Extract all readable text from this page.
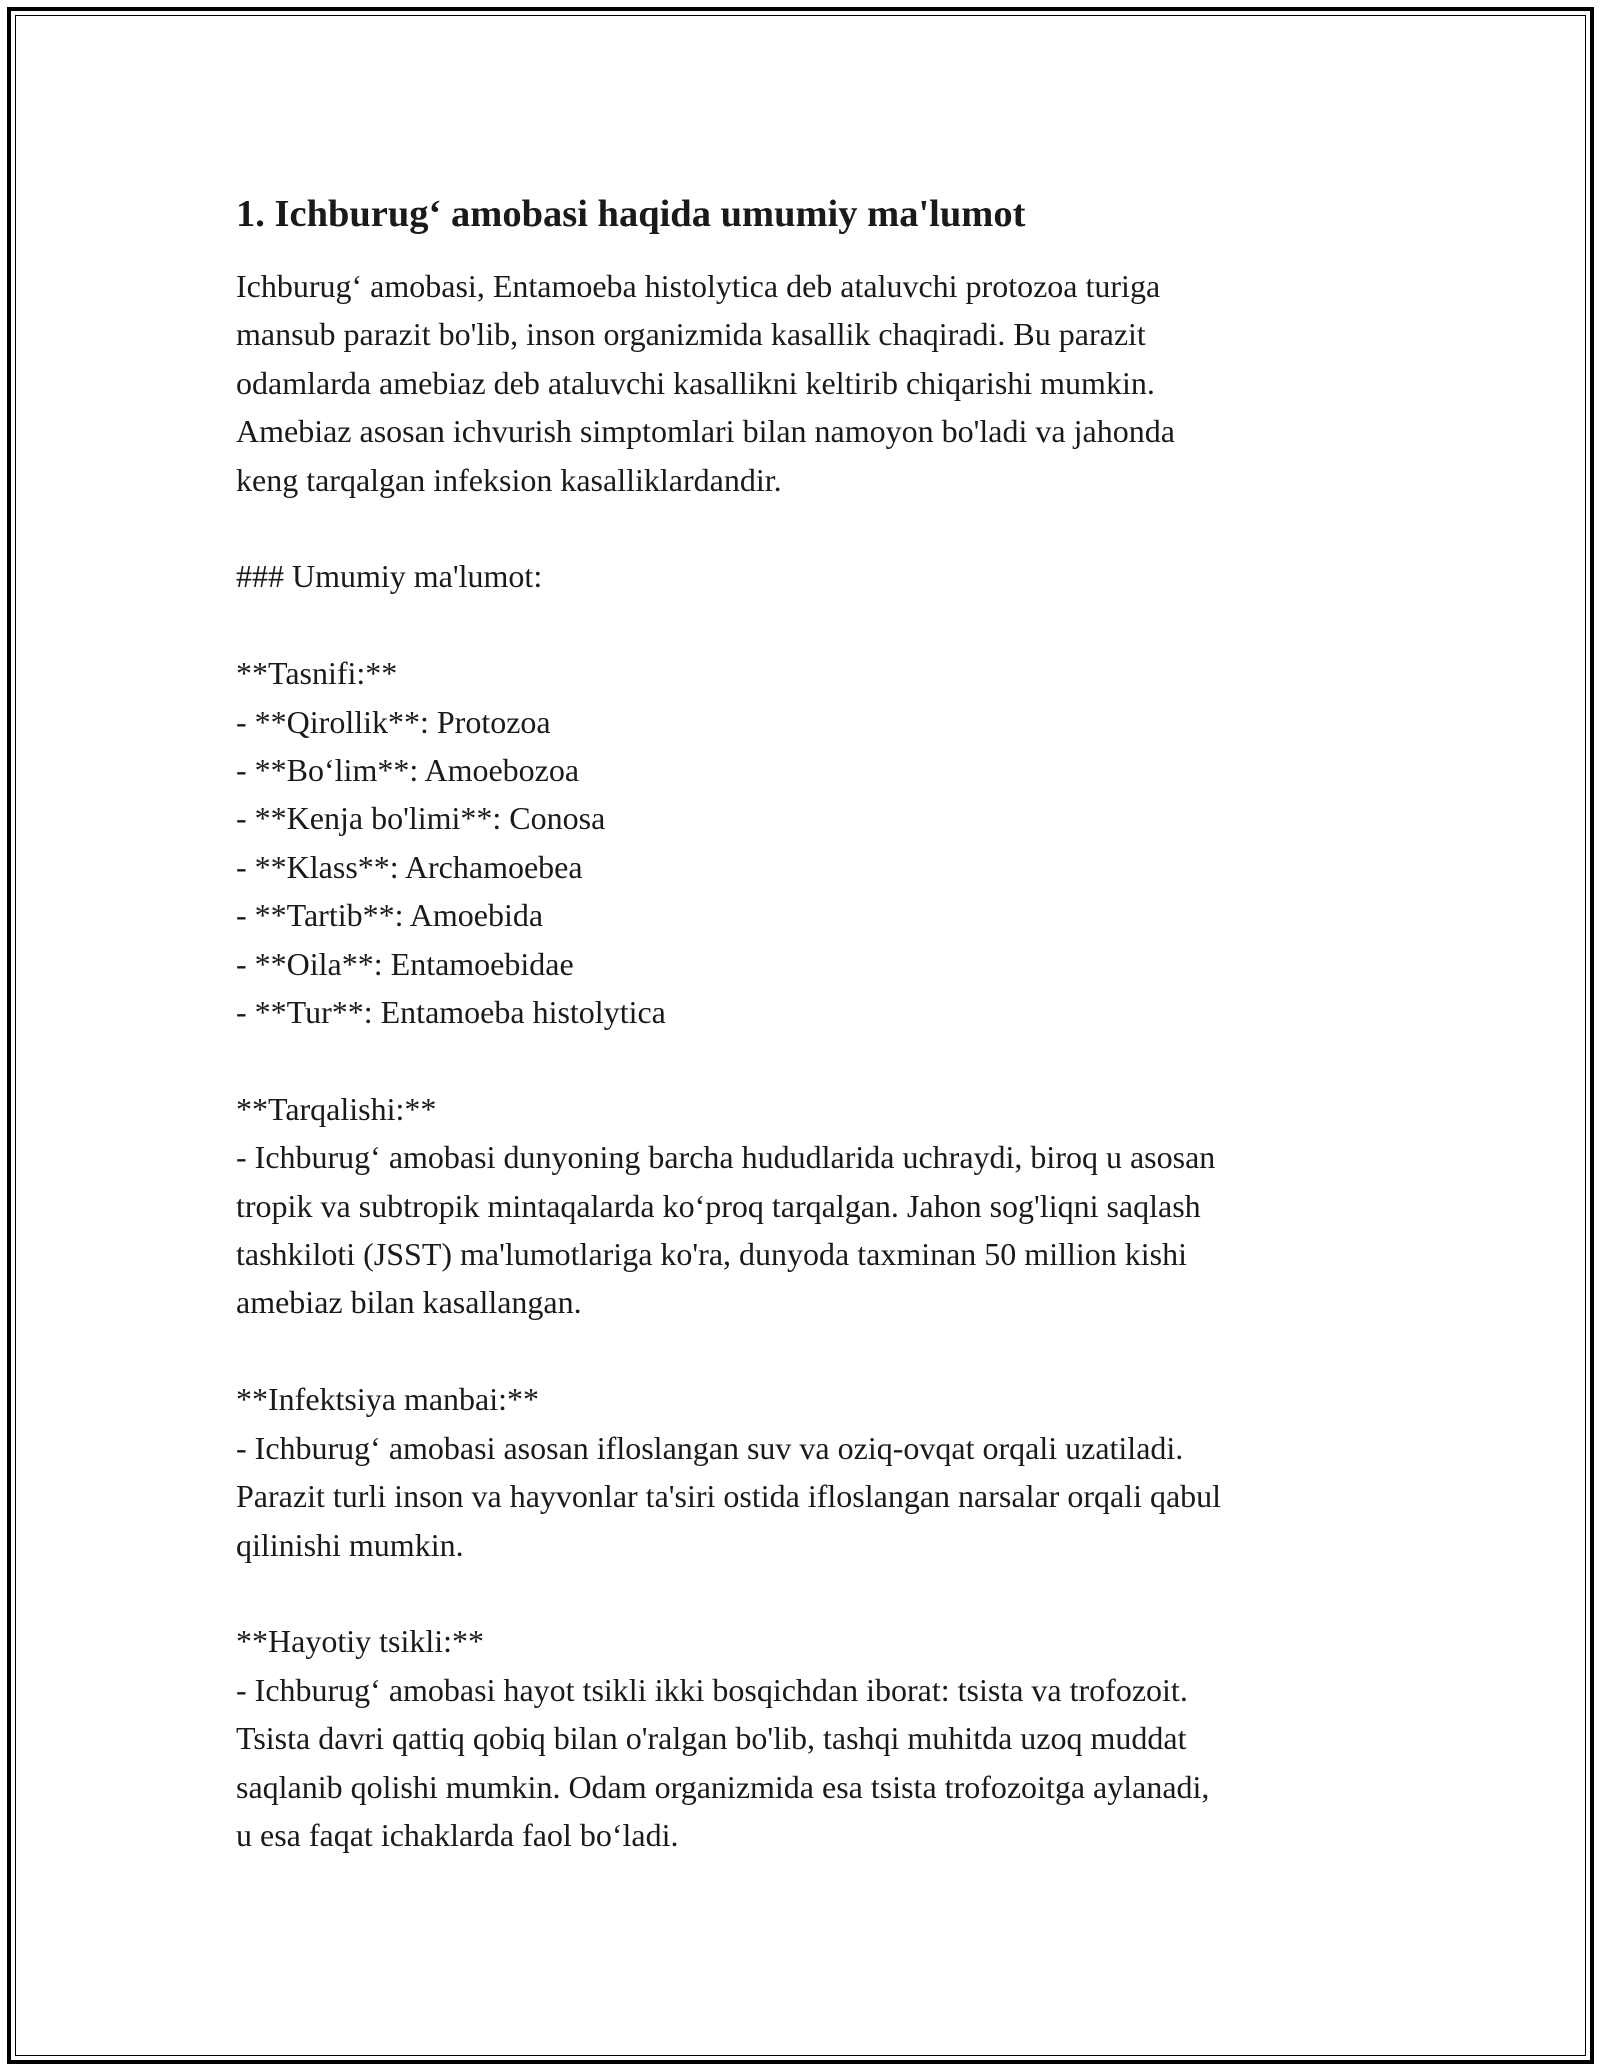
1. Ichburug‘ amobasi haqida umumiy ma'lumot
Ichburug‘ amobasi, Entamoeba histolytica deb ataluvchi protozoa turiga
mansub parazit bo'lib, inson organizmida kasallik chaqiradi. Bu parazit
odamlarda amebiaz deb ataluvchi kasallikni keltirib chiqarishi mumkin.
Amebiaz asosan ichvurish simptomlari bilan namoyon bo'ladi va jahonda
keng tarqalgan infeksion kasalliklardandir.
### Umumiy ma'lumot:
**Tasnifi:**
- **Qirollik**: Protozoa
- **Bo‘lim**: Amoebozoa
- **Kenja bo'limi**: Conosa
- **Klass**: Archamoebea
- **Tartib**: Amoebida
- **Oila**: Entamoebidae
- **Tur**: Entamoeba histolytica
**Tarqalishi:**
- Ichburug‘ amobasi dunyoning barcha hududlarida uchraydi, biroq u asosan
tropik va subtropik mintaqalarda ko‘proq tarqalgan. Jahon sog'liqni saqlash
tashkiloti (JSST) ma'lumotlariga ko'ra, dunyoda taxminan 50 million kishi
amebiaz bilan kasallangan.
**Infektsiya manbai:**
- Ichburug‘ amobasi asosan ifloslangan suv va oziq-ovqat orqali uzatiladi.
Parazit turli inson va hayvonlar ta'siri ostida ifloslangan narsalar orqali qabul
qilinishi mumkin.
**Hayotiy tsikli:**
- Ichburug‘ amobasi hayot tsikli ikki bosqichdan iborat: tsista va trofozoit.
Tsista davri qattiq qobiq bilan o'ralgan bo'lib, tashqi muhitda uzoq muddat
saqlanib qolishi mumkin. Odam organizmida esa tsista trofozoitga aylanadi,
u esa faqat ichaklarda faol bo‘ladi.
